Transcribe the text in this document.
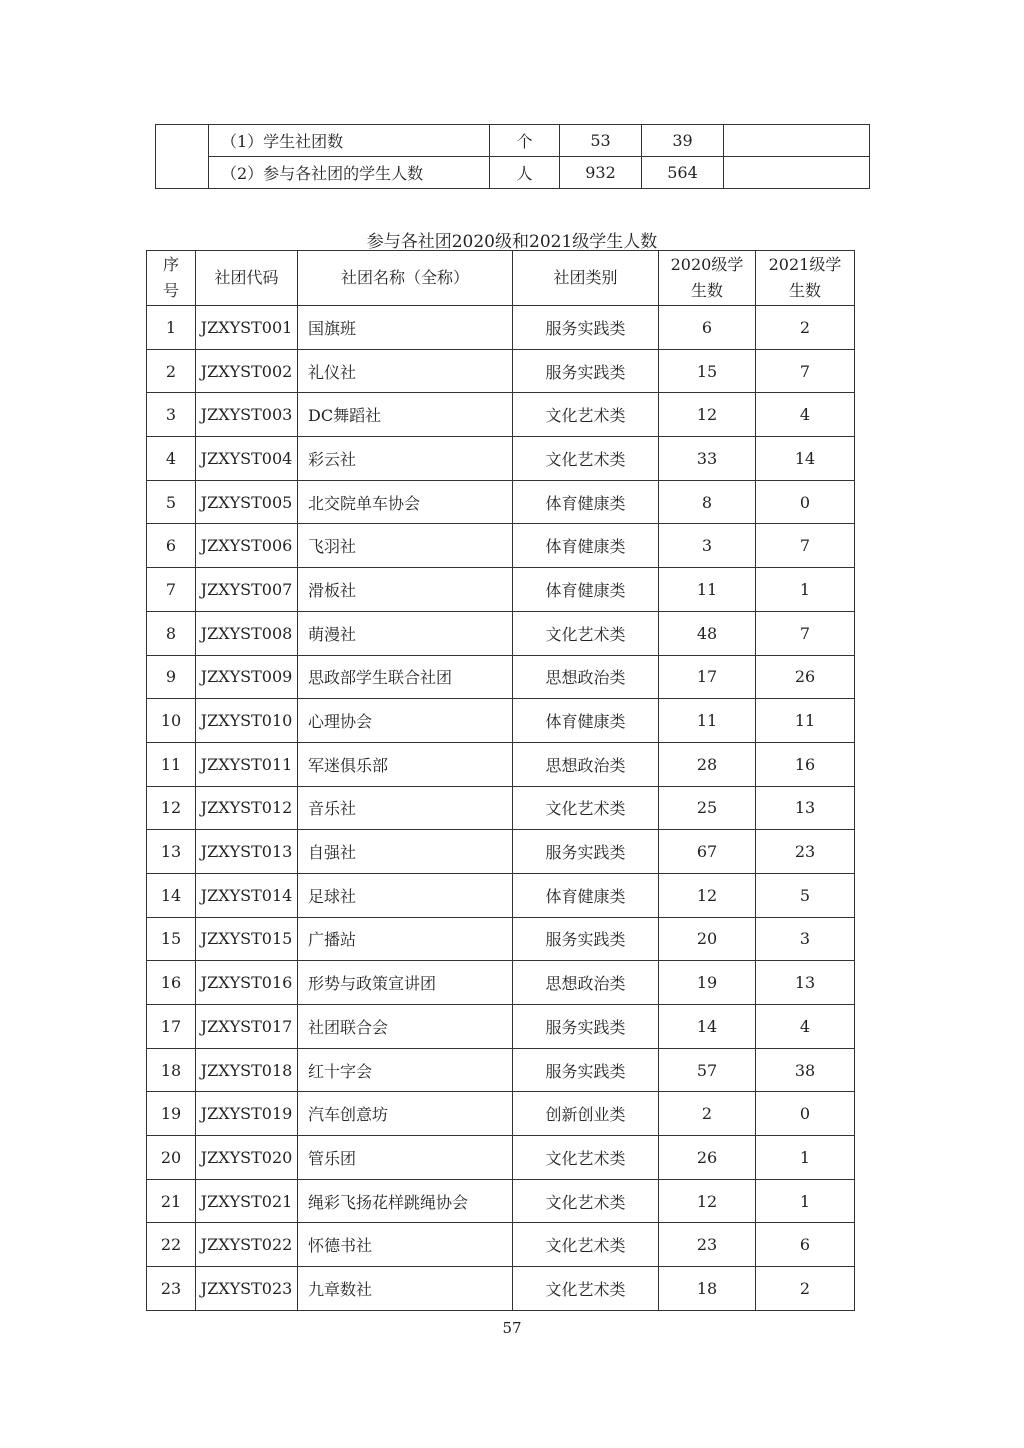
	（1）学生社团数	个	53	39	
	（2）参与各社团的学生人数	人	932	564	
参与各社团2020级和2021级学生人数
序号	社团代码	社团名称（全称）	社团类别	2020级学生数	2021级学生数

1	JZXYST001	国旗班	服务实践类	6	2
2	JZXYST002	礼仪社	服务实践类	15	7
3	JZXYST003	DC舞蹈社	文化艺术类	12	4
4	JZXYST004	彩云社	文化艺术类	33	14
5	JZXYST005	北交院单车协会	体育健康类	8	0
6	JZXYST006	飞羽社	体育健康类	3	7
7	JZXYST007	滑板社	体育健康类	11	1
8	JZXYST008	萌漫社	文化艺术类	48	7
9	JZXYST009	思政部学生联合社团	思想政治类	17	26
10	JZXYST010	心理协会	体育健康类	11	11
11	JZXYST011	军迷俱乐部	思想政治类	28	16
12	JZXYST012	音乐社	文化艺术类	25	13
13	JZXYST013	自强社	服务实践类	67	23
14	JZXYST014	足球社	体育健康类	12	5
15	JZXYST015	广播站	服务实践类	20	3
16	JZXYST016	形势与政策宣讲团	思想政治类	19	13
17	JZXYST017	社团联合会	服务实践类	14	4
18	JZXYST018	红十字会	服务实践类	57	38
19	JZXYST019	汽车创意坊	创新创业类	2	0
20	JZXYST020	管乐团	文化艺术类	26	1
21	JZXYST021	绳彩飞扬花样跳绳协会	文化艺术类	12	1
22	JZXYST022	怀德书社	文化艺术类	23	6
23	JZXYST023	九章数社	文化艺术类	18	2
57
